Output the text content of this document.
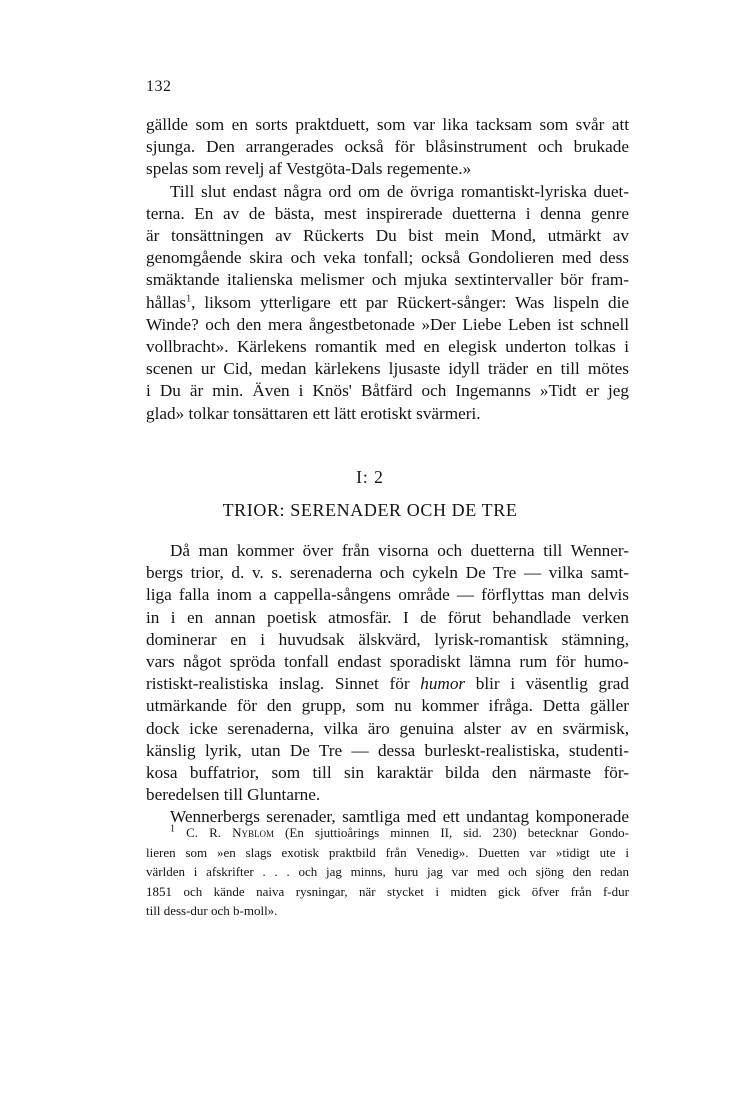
132

gällde som en sorts praktduett, som var lika tacksam som svår att

sjunga. Den arrangerades också för blåsinstrument och brukade

spelas som revelj af Vestgöta-Dals regemente.»

Till slut endast några ord om de övriga romantiskt-lyriska duet-

terna. En av de bästa, mest inspirerade duetterna i denna genre

är tonsättningen av Rückerts Du bist mein Mond, utmärkt av

genomgående skira och veka tonfall; också Gondolieren med dess

smäktande italienska melismer och mjuka sextintervaller bör fram-

hållas$^1$, liksom ytterligare ett par Rückert-sånger: Was lispeln die

Winde? och den mera ångestbetonade »Der Liebe Leben ist schnell

vollbracht». Kärlekens romantik med en elegisk underton tolkas i

scenen ur Cid, medan kärlekens ljusaste idyll träder en till mötes

i Du är min. Även i Knös' Båtfärd och Ingemanns »Tidt er jeg

glad» tolkar tonsättaren ett lätt erotiskt svärmeri.

I: 2
TRIOR: SERENADER OCH DE TRE

Då man kommer över från visorna och duetterna till Wenner-

bergs trior, d. v. s. serenaderna och cykeln De Tre — vilka samt-

liga falla inom a cappella-sångens område — förflyttas man delvis

in i en annan poetisk atmosfär. I de förut behandlade verken

dominerar en i huvudsak älskvärd, lyrisk-romantisk stämning,

vars något spröda tonfall endast sporadiskt lämna rum för humo-

ristiskt-realistiska inslag. Sinnet för humor blir i väsentlig grad

utmärkande för den grupp, som nu kommer ifråga. Detta gäller

dock icke serenaderna, vilka äro genuina alster av en svärmisk,

känslig lyrik, utan De Tre — dessa burleskt-realistiska, studenti-

kosa buffatrior, som till sin karaktär bilda den närmaste för-

beredelsen till Gluntarne.

Wennerbergs serenader, samtliga med ett undantag komponerade

$^1$ C. R. Nyblom (En sjuttioårings minnen II, sid. 230) betecknar Gondo-

lieren som »en slags exotisk praktbild från Venedig». Duetten var »tidigt ute i

världen i afskrifter . . . och jag minns, huru jag var med och sjöng den redan

1851 och kände naiva rysningar, när stycket i midten gick öfver från f-dur

till dess-dur och b-moll».
